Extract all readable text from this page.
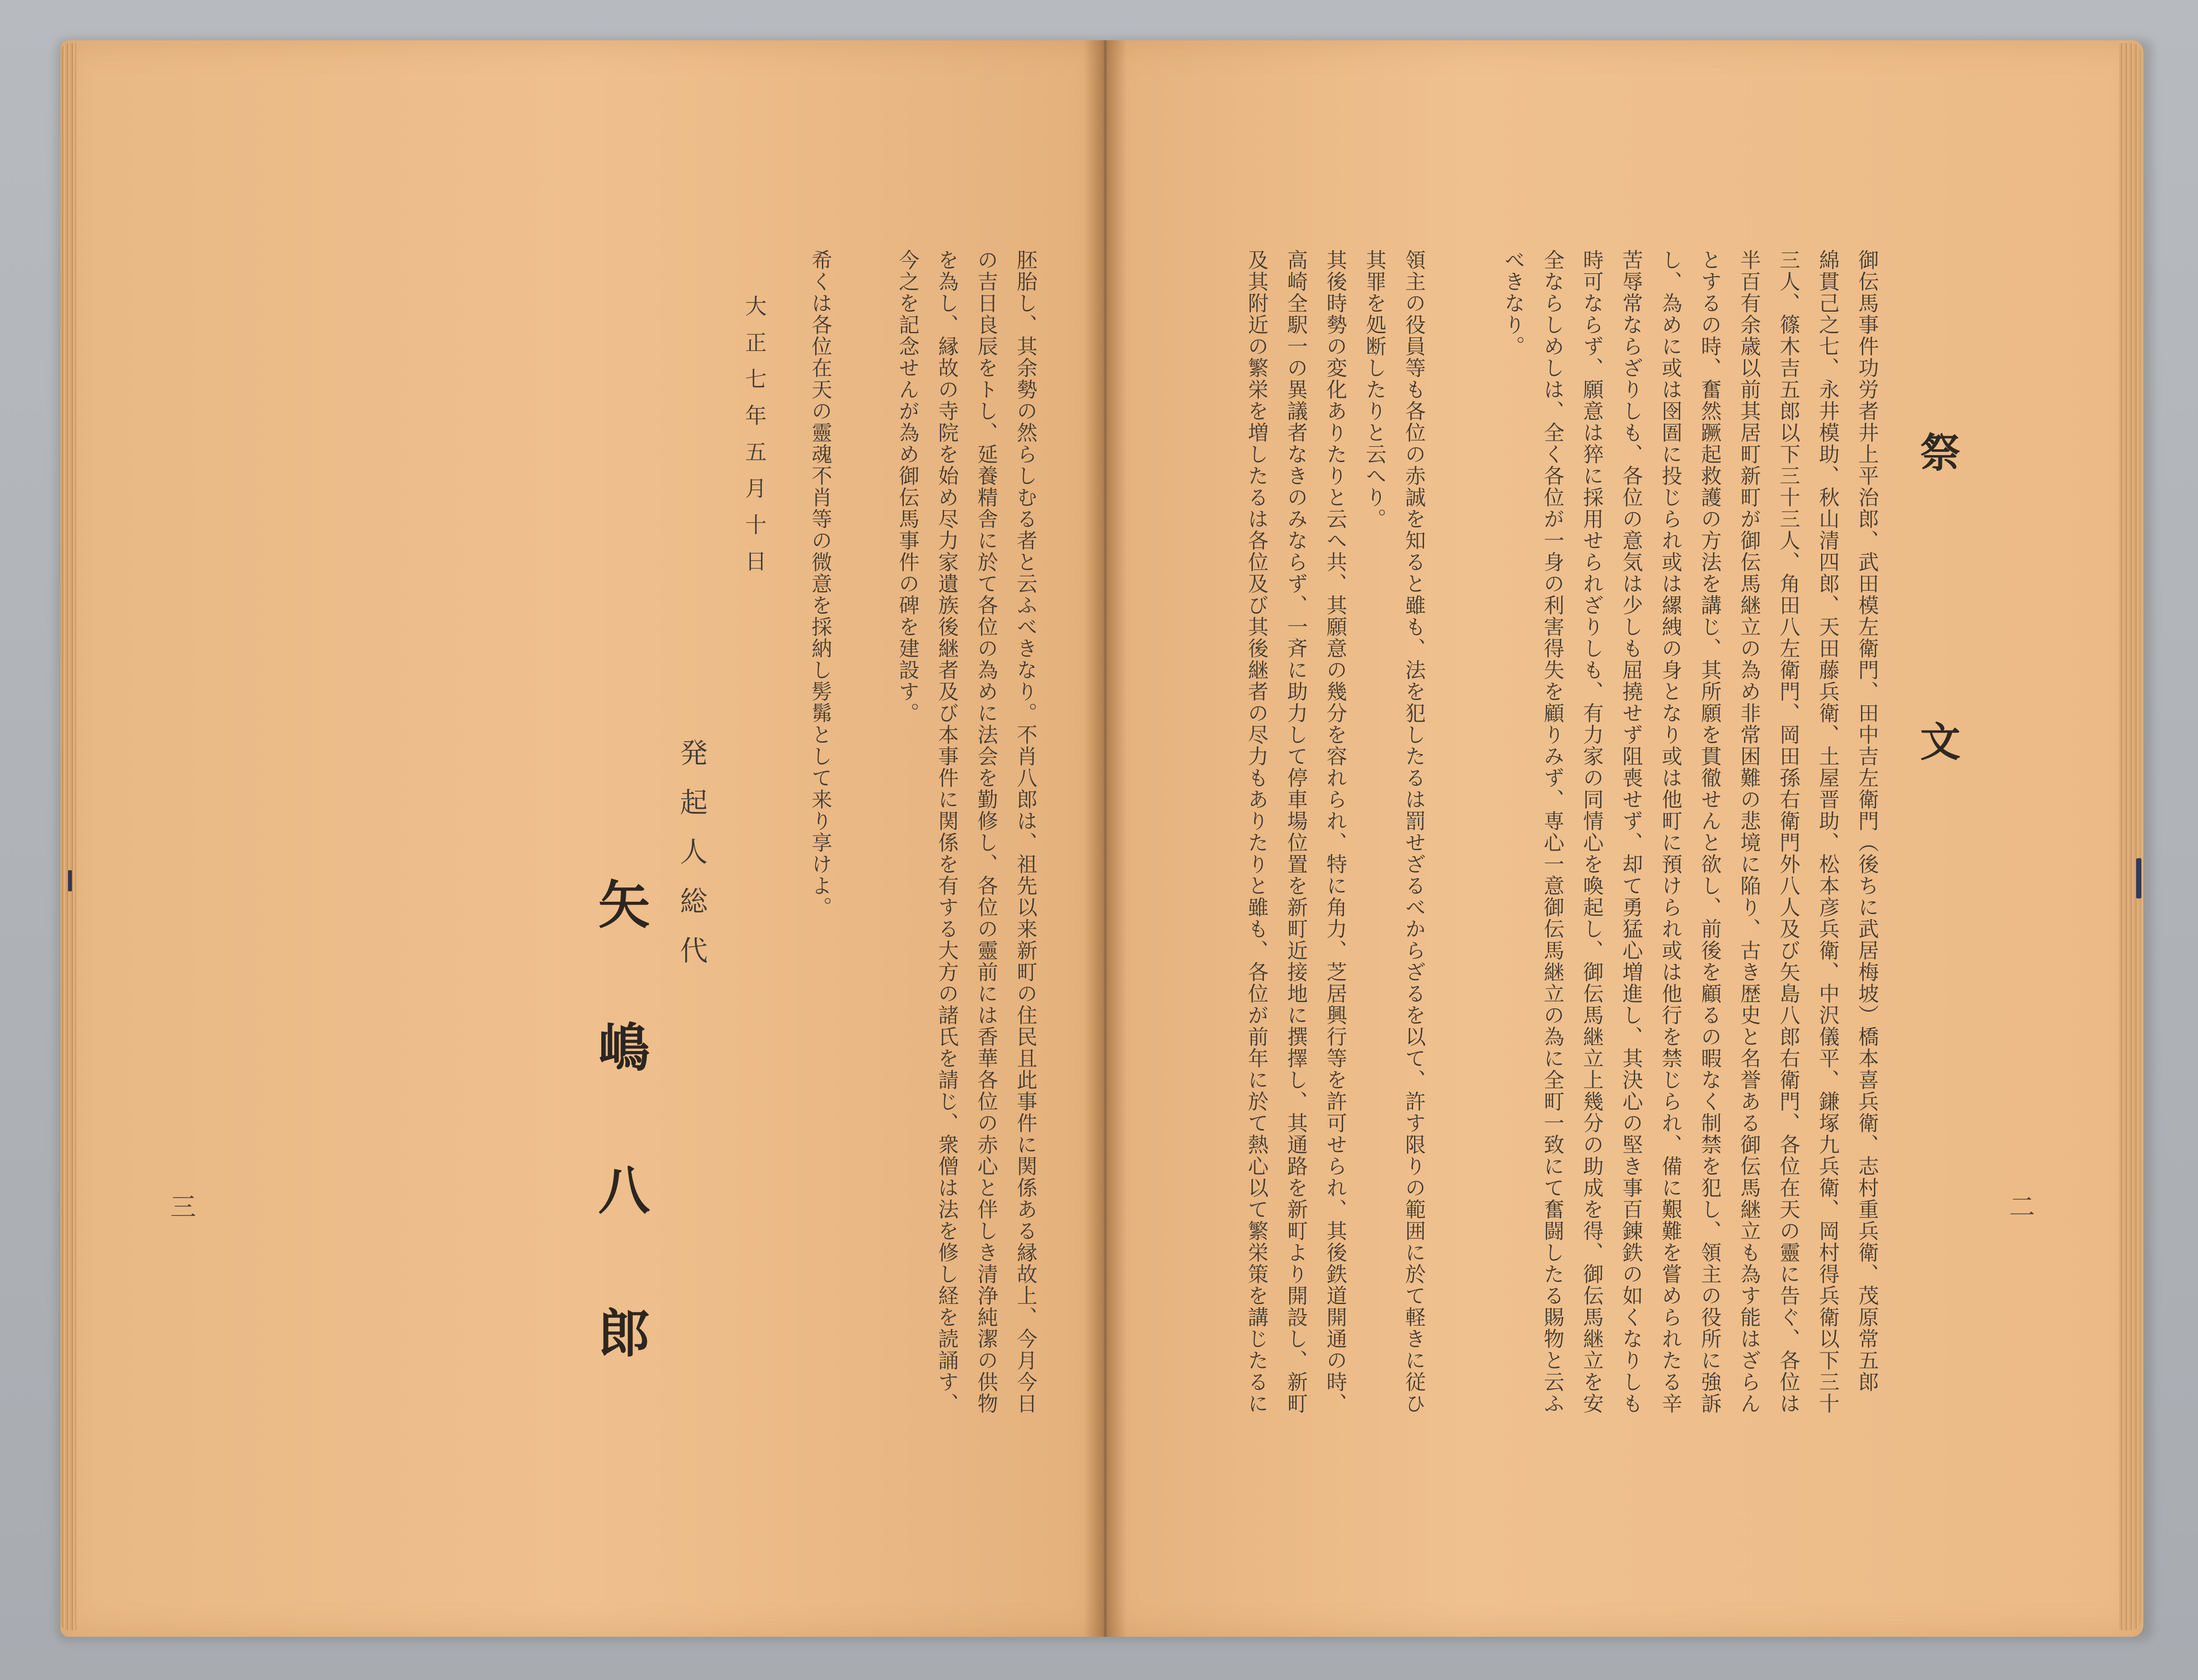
祭 文
御伝馬事件功労者井上平治郎、武田模左衛門、田中吉左衛門（後ちに武居梅坡）橋本喜兵衛、志村重兵衛、茂原常五郎
綿貫己之七、永井模助、秋山清四郎、天田藤兵衛、土屋晋助、松本彦兵衛、中沢儀平、鎌塚九兵衛、岡村得兵衛以下三十
三人、篠木吉五郎以下三十三人、角田八左衛門、岡田孫右衛門外八人及び矢島八郎右衛門、各位在天の靈に告ぐ、各位は
半百有余歳以前其居町新町が御伝馬継立の為め非常困難の悲境に陥り、古き歴史と名誉ある御伝馬継立も為す能はざらん
とするの時、奮然蹶起救護の方法を講じ、其所願を貫徹せんと欲し、前後を顧るの暇なく制禁を犯し、領主の役所に強訴
し、為めに或は囹圄に投じられ或は縲絏の身となり或は他町に預けられ或は他行を禁じられ、備に艱難を嘗められたる辛
苦辱常ならざりしも、各位の意気は少しも屈撓せず阻喪せず、却て勇猛心増進し、其決心の堅き事百錬鉄の如くなりしも
時可ならず、願意は猝に採用せられざりしも、有力家の同情心を喚起し、御伝馬継立上幾分の助成を得、御伝馬継立を安
全ならしめしは、全く各位が一身の利害得失を顧りみず、専心一意御伝馬継立の為に全町一致にて奮闘したる賜物と云ふ
べきなり。
領主の役員等も各位の赤誠を知ると雖も、法を犯したるは罰せざるべからざるを以て、許す限りの範囲に於て軽きに従ひ
其罪を処断したりと云へり。
其後時勢の変化ありたりと云へ共、其願意の幾分を容れられ、特に角力、芝居興行等を許可せられ、其後鉄道開通の時、
高崎全駅一の異議者なきのみならず、一斉に助力して停車場位置を新町近接地に撰擇し、其通路を新町より開設し、新町
及其附近の繁栄を増したるは各位及び其後継者の尽力もありたりと雖も、各位が前年に於て熱心以て繁栄策を講じたるに	二
胚胎し、其余勢の然らしむる者と云ふべきなり。不肖八郎は、祖先以来新町の住民且此事件に関係ある縁故上、今月今日
の吉日良辰をトし、延養精舎に於て各位の為めに法会を勤修し、各位の靈前には香華各位の赤心と伴しき清浄純潔の供物
を為し、縁故の寺院を始め尽力家遺族後継者及び本事件に関係を有する大方の諸氏を請じ、衆僧は法を修し経を読誦す、
今之を記念せんが為め御伝馬事件の碑を建設す。
希くは各位在天の靈魂不肖等の微意を採納し髣髴として来り享けよ。
大正七年五月十日
発起人総代
矢嶋八郎
三
